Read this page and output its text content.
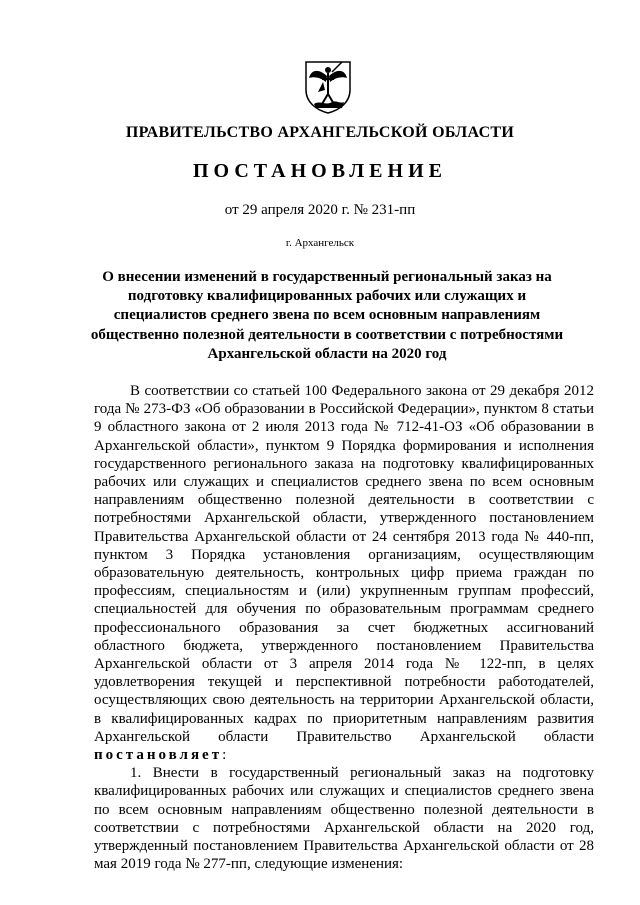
ПРАВИТЕЛЬСТВО АРХАНГЕЛЬСКОЙ ОБЛАСТИ
ПОСТАНОВЛЕНИЕ
от 29 апреля 2020 г. № 231-пп
г. Архангельск
О внесении изменений в государственный региональный заказ на подготовку квалифицированных рабочих или служащих и специалистов среднего звена по всем основным направлениям общественно полезной деятельности в соответствии с потребностями Архангельской области на 2020 год

В соответствии со статьей 100 Федерального закона от 29 декабря 2012 года № 273-ФЗ «Об образовании в Российской Федерации», пунктом 8 статьи 9 областного закона от 2 июля 2013 года № 712-41-ОЗ «Об образовании в Архангельской области», пунктом 9 Порядка формирования и исполнения государственного регионального заказа на подготовку квалифицированных рабочих или служащих и специалистов среднего звена по всем основным направлениям общественно полезной деятельности в соответствии с потребностями Архангельской области, утвержденного постановлением Правительства Архангельской области от 24 сентября 2013 года № 440-пп, пунктом 3 Порядка установления организациям, осуществляющим образовательную деятельность, контрольных цифр приема граждан по профессиям, специальностям и (или) укрупненным группам профессий, специальностей для обучения по образовательным программам среднего профессионального образования за счет бюджетных ассигнований областного бюджета, утвержденного постановлением Правительства Архангельской области от 3 апреля 2014 года № 122-пп, в целях удовлетворения текущей и перспективной потребности работодателей, осуществляющих свою деятельность на территории Архангельской области, в квалифицированных кадрах по приоритетным направлениям развития Архангельской области Правительство Архангельской области постановляет:

1. Внести в государственный региональный заказ на подготовку квалифицированных рабочих или служащих и специалистов среднего звена по всем основным направлениям общественно полезной деятельности в соответствии с потребностями Архангельской области на 2020 год, утвержденный постановлением Правительства Архангельской области от 28 мая 2019 года № 277-пп, следующие изменения:
